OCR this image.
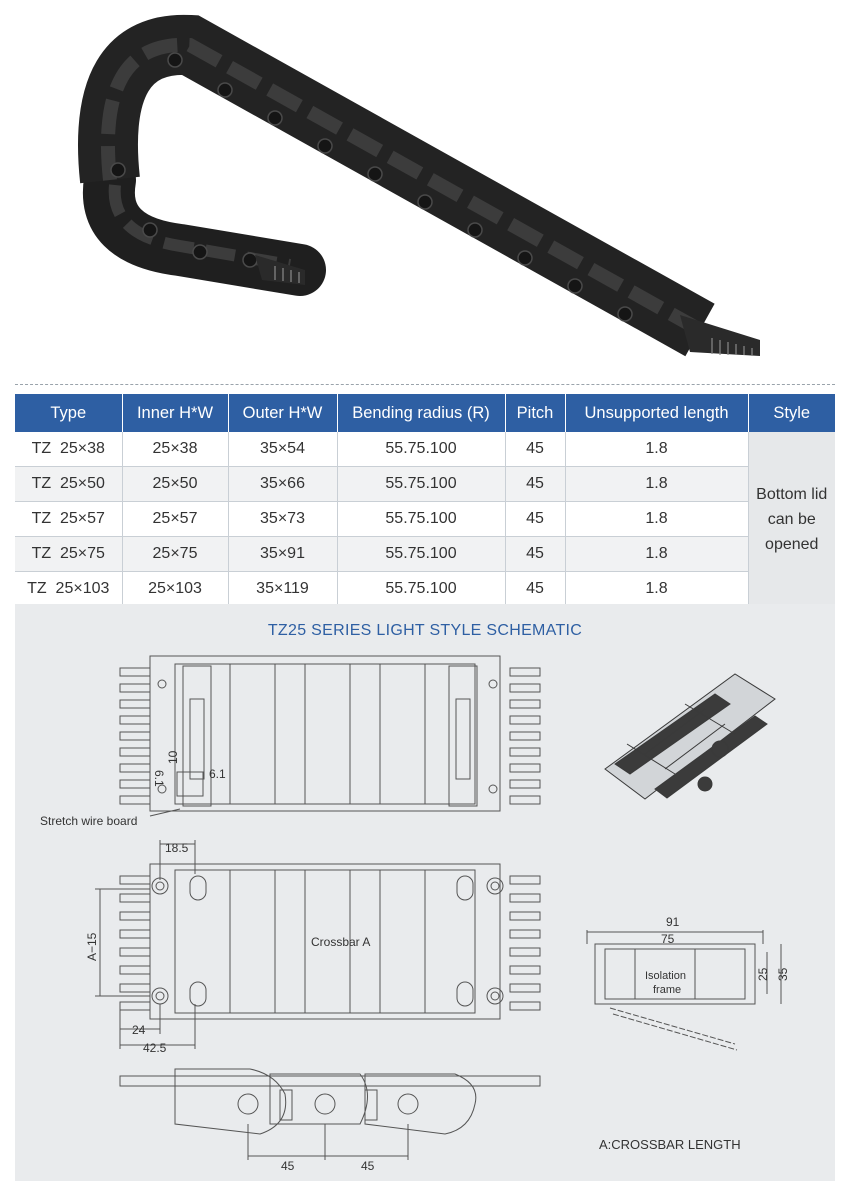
Type	Inner H*W	Outer H*W	Bending radius (R)	Pitch	Unsupported length	Style
TZ  25×38	25×38	35×54	55.75.100	45	1.8	Bottom lid
can be
opened

TZ  25×50	25×50	35×66	55.75.100	45	1.8	
TZ  25×57	25×57	35×73	55.75.100	45	1.8	
TZ  25×75	25×75	35×91	55.75.100	45	1.8	
TZ  25×103	25×103	35×119	55.75.100	45	1.8	
TZ25 SERIES LIGHT STYLE SCHEMATIC
Stretch wire board
Crossbar A
Isolation
frame
A:CROSSBAR LENGTH
6.1
10
6.1
18.5
A−15
24
42.5
91
75
25 35
45	45
